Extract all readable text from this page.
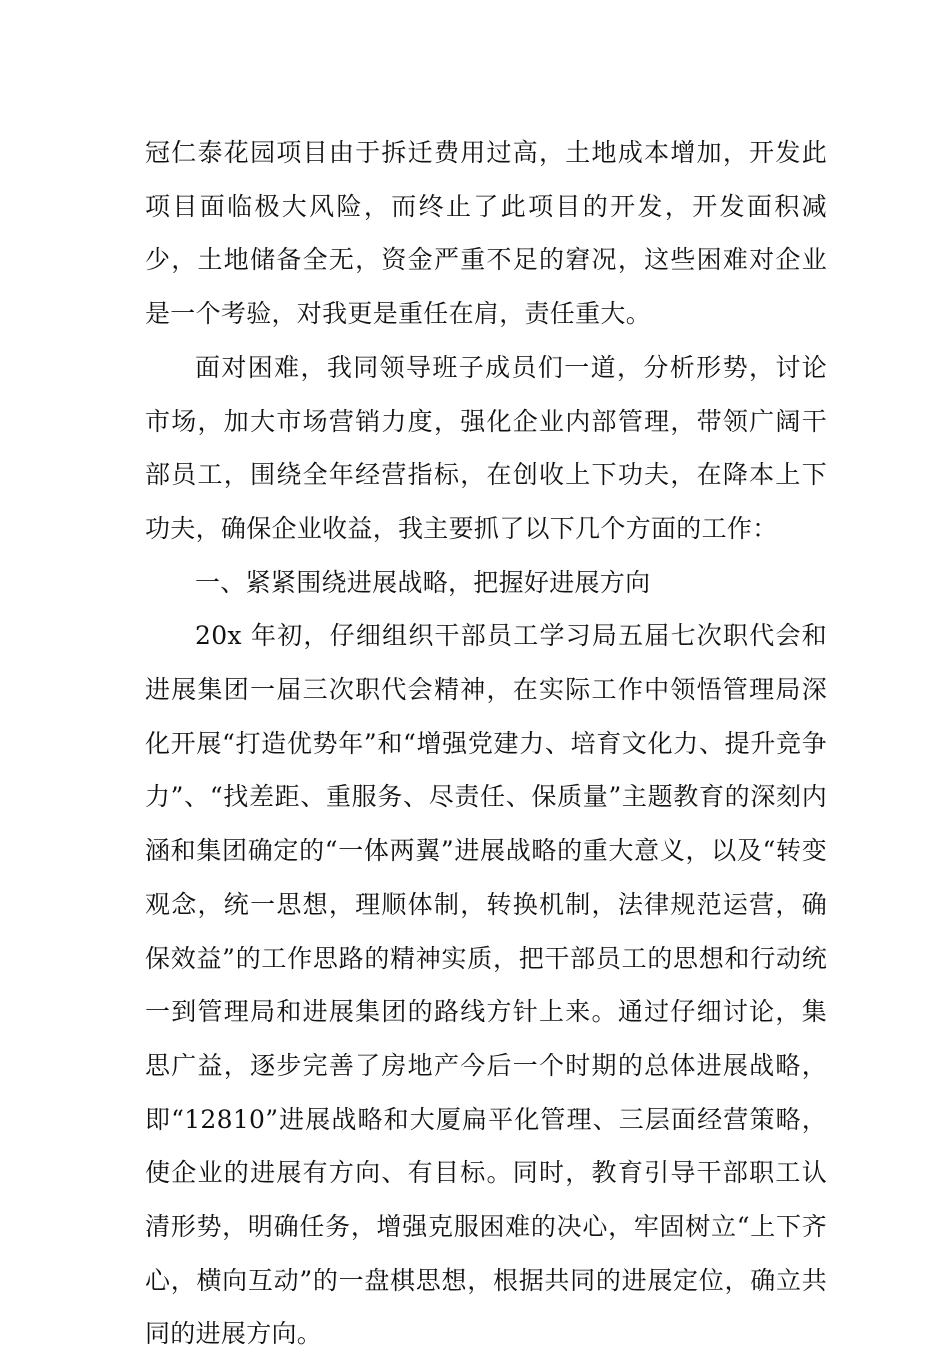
冠仁泰花园项目由于拆迁费用过高，土地成本增加，开发此项目面临极大风险，而终止了此项目的开发，开发面积减少，土地储备全无，资金严重不足的窘况，这些困难对企业是一个考验，对我更是重任在肩，责任重大。

面对困难，我同领导班子成员们一道，分析形势，讨论市场，加大市场营销力度，强化企业内部管理，带领广阔干部员工，围绕全年经营指标，在创收上下功夫，在降本上下功夫，确保企业收益，我主要抓了以下几个方面的工作：

一、紧紧围绕进展战略，把握好进展方向

20x 年初，仔细组织干部员工学习局五届七次职代会和进展集团一届三次职代会精神，在实际工作中领悟管理局深化开展“打造优势年”和“增强党建力、培育文化力、提升竞争力”、“找差距、重服务、尽责任、保质量”主题教育的深刻内涵和集团确定的“一体两翼”进展战略的重大意义，以及“转变观念，统一思想，理顺体制，转换机制，法律规范运营，确保效益”的工作思路的精神实质，把干部员工的思想和行动统一到管理局和进展集团的路线方针上来。通过仔细讨论，集思广益，逐步完善了房地产今后一个时期的总体进展战略，即“12810”进展战略和大厦扁平化管理、三层面经营策略，使企业的进展有方向、有目标。同时，教育引导干部职工认清形势，明确任务，增强克服困难的决心，牢固树立“上下齐心，横向互动”的一盘棋思想，根据共同的进展定位，确立共同的进展方向。
